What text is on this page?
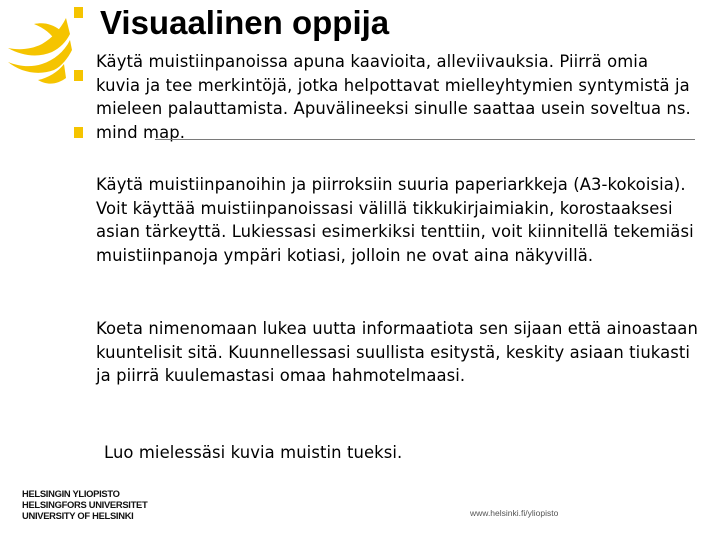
Visuaalinen oppija

Käytä muistiinpanoissa apuna kaavioita, alleviivauksia. Piirrä omia kuvia ja tee merkintöjä, jotka helpottavat mielleyhtymien syntymistä ja mieleen palauttamista. Apuvälineeksi sinulle saattaa usein soveltua ns. mind map.

Käytä muistiinpanoihin ja piirroksiin suuria paperiarkkeja (A3-kokoisia). Voit käyttää muistiinpanoissasi välillä tikkukirjaimiakin, korostaaksesi asian tärkeyttä. Lukiessasi esimerkiksi tenttiin, voit kiinnitellä tekemiäsi muistiinpanoja ympäri kotiasi, jolloin ne ovat aina näkyvillä.

Koeta nimenomaan lukea uutta informaatiota sen sijaan että ainoastaan kuuntelisit sitä. Kuunnellessasi suullista esitystä, keskity asiaan tiukasti ja piirrä kuulemastasi omaa hahmotelmaasi.

Luo mielessäsi kuvia muistin tueksi.

HELSINGIN YLIOPISTO
HELSINGFORS UNIVERSITET
UNIVERSITY OF HELSINKI	www.helsinki.fi/yliopisto
